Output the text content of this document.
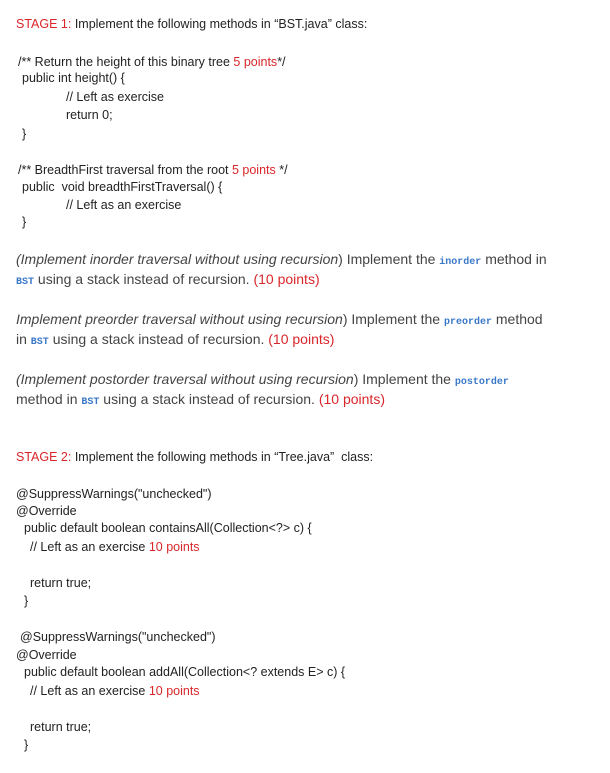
STAGE 1: Implement the following methods in “BST.java” class:
/** Return the height of this binary tree 5 points*/
public int height() {
// Left as exercise
return 0;
}
/** BreadthFirst traversal from the root 5 points */
public  void breadthFirstTraversal() {
// Left as an exercise
}
(Implement inorder traversal without using recursion) Implement the inorder method in
BST using a stack instead of recursion. (10 points)
Implement preorder traversal without using recursion) Implement the preorder method
in BST using a stack instead of recursion. (10 points)
(Implement postorder traversal without using recursion) Implement the postorder
method in BST using a stack instead of recursion. (10 points)
STAGE 2: Implement the following methods in “Tree.java”  class:
@SuppressWarnings("unchecked")
@Override
public default boolean containsAll(Collection<?> c) {
// Left as an exercise 10 points
return true;
}
@SuppressWarnings("unchecked")
@Override
public default boolean addAll(Collection<? extends E> c) {
// Left as an exercise 10 points
return true;
}
